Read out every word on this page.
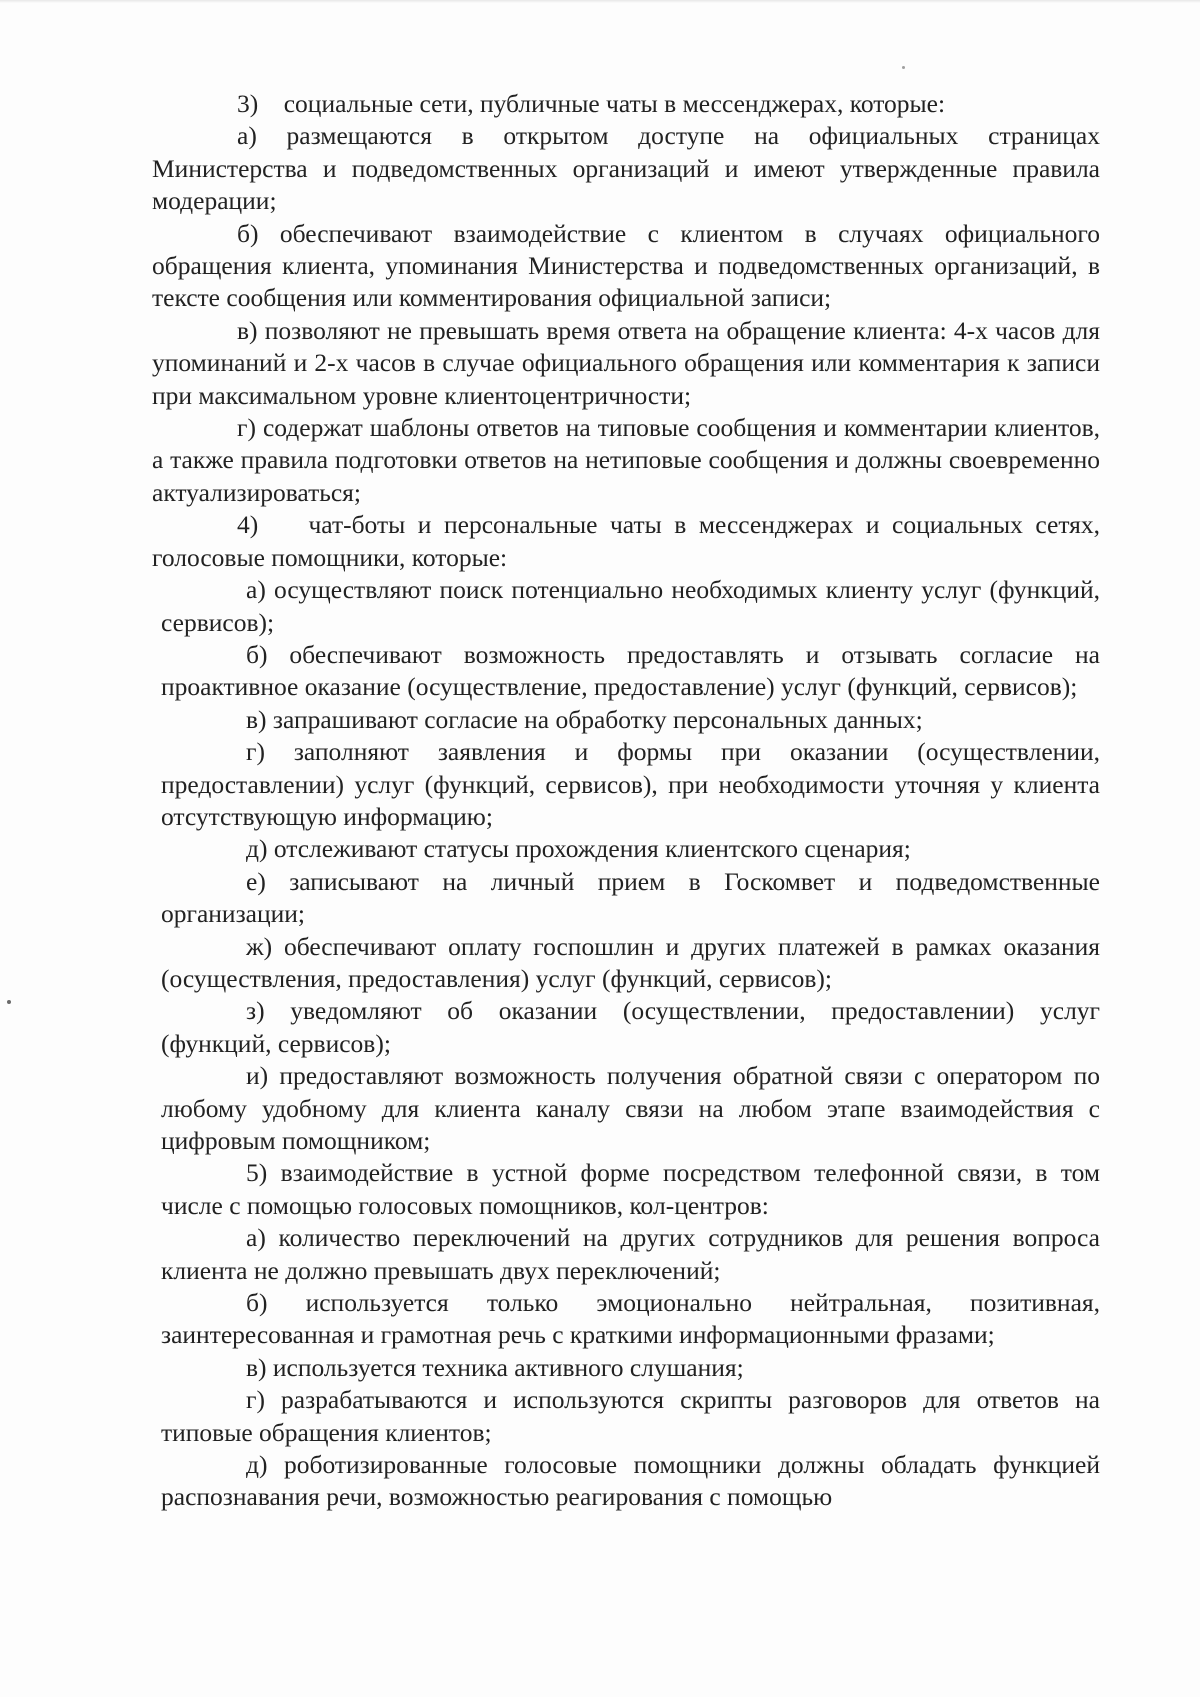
3)    социальные сети, публичные чаты в мессенджерах, которые:

а) размещаются в открытом доступе на официальных страницах Министерства и подведомственных организаций и имеют утвержденные правила модерации;

б) обеспечивают взаимодействие с клиентом в случаях официального обращения клиента, упоминания Министерства и подведомственных организаций, в тексте сообщения или комментирования официальной записи;

в) позволяют не превышать время ответа на обращение клиента: 4-х часов для упоминаний и 2-х часов в случае официального обращения или комментария к записи при максимальном уровне клиентоцентричности;

г) содержат шаблоны ответов на типовые сообщения и комментарии клиентов, а также правила подготовки ответов на нетиповые сообщения и должны своевременно актуализироваться;

4)    чат-боты и персональные чаты в мессенджерах и социальных сетях, голосовые помощники, которые:

а) осуществляют поиск потенциально необходимых клиенту услуг (функций, сервисов);

б) обеспечивают возможность предоставлять и отзывать согласие на проактивное оказание (осуществление, предоставление) услуг (функций, сервисов);

в) запрашивают согласие на обработку персональных данных;

г) заполняют заявления и формы при оказании (осуществлении, предоставлении) услуг (функций, сервисов), при необходимости уточняя у клиента отсутствующую информацию;

д) отслеживают статусы прохождения клиентского сценария;

е) записывают на личный прием в Госкомвет и подведомственные организации;

ж) обеспечивают оплату госпошлин и других платежей в рамках оказания (осуществления, предоставления) услуг (функций, сервисов);

з) уведомляют об оказании (осуществлении, предоставлении) услуг (функций, сервисов);

и) предоставляют возможность получения обратной связи с оператором по любому удобному для клиента каналу связи на любом этапе взаимодействия с цифровым помощником;

5) взаимодействие в устной форме посредством телефонной связи, в том числе с помощью голосовых помощников, кол-центров:

а) количество переключений на других сотрудников для решения вопроса клиента не должно превышать двух переключений;

б) используется только эмоционально нейтральная, позитивная, заинтересованная и грамотная речь с краткими информационными фразами;

в) используется техника активного слушания;

г) разрабатываются и используются скрипты разговоров для ответов на типовые обращения клиентов;

д) роботизированные голосовые помощники должны обладать функцией распознавания речи, возможностью реагирования с помощью
